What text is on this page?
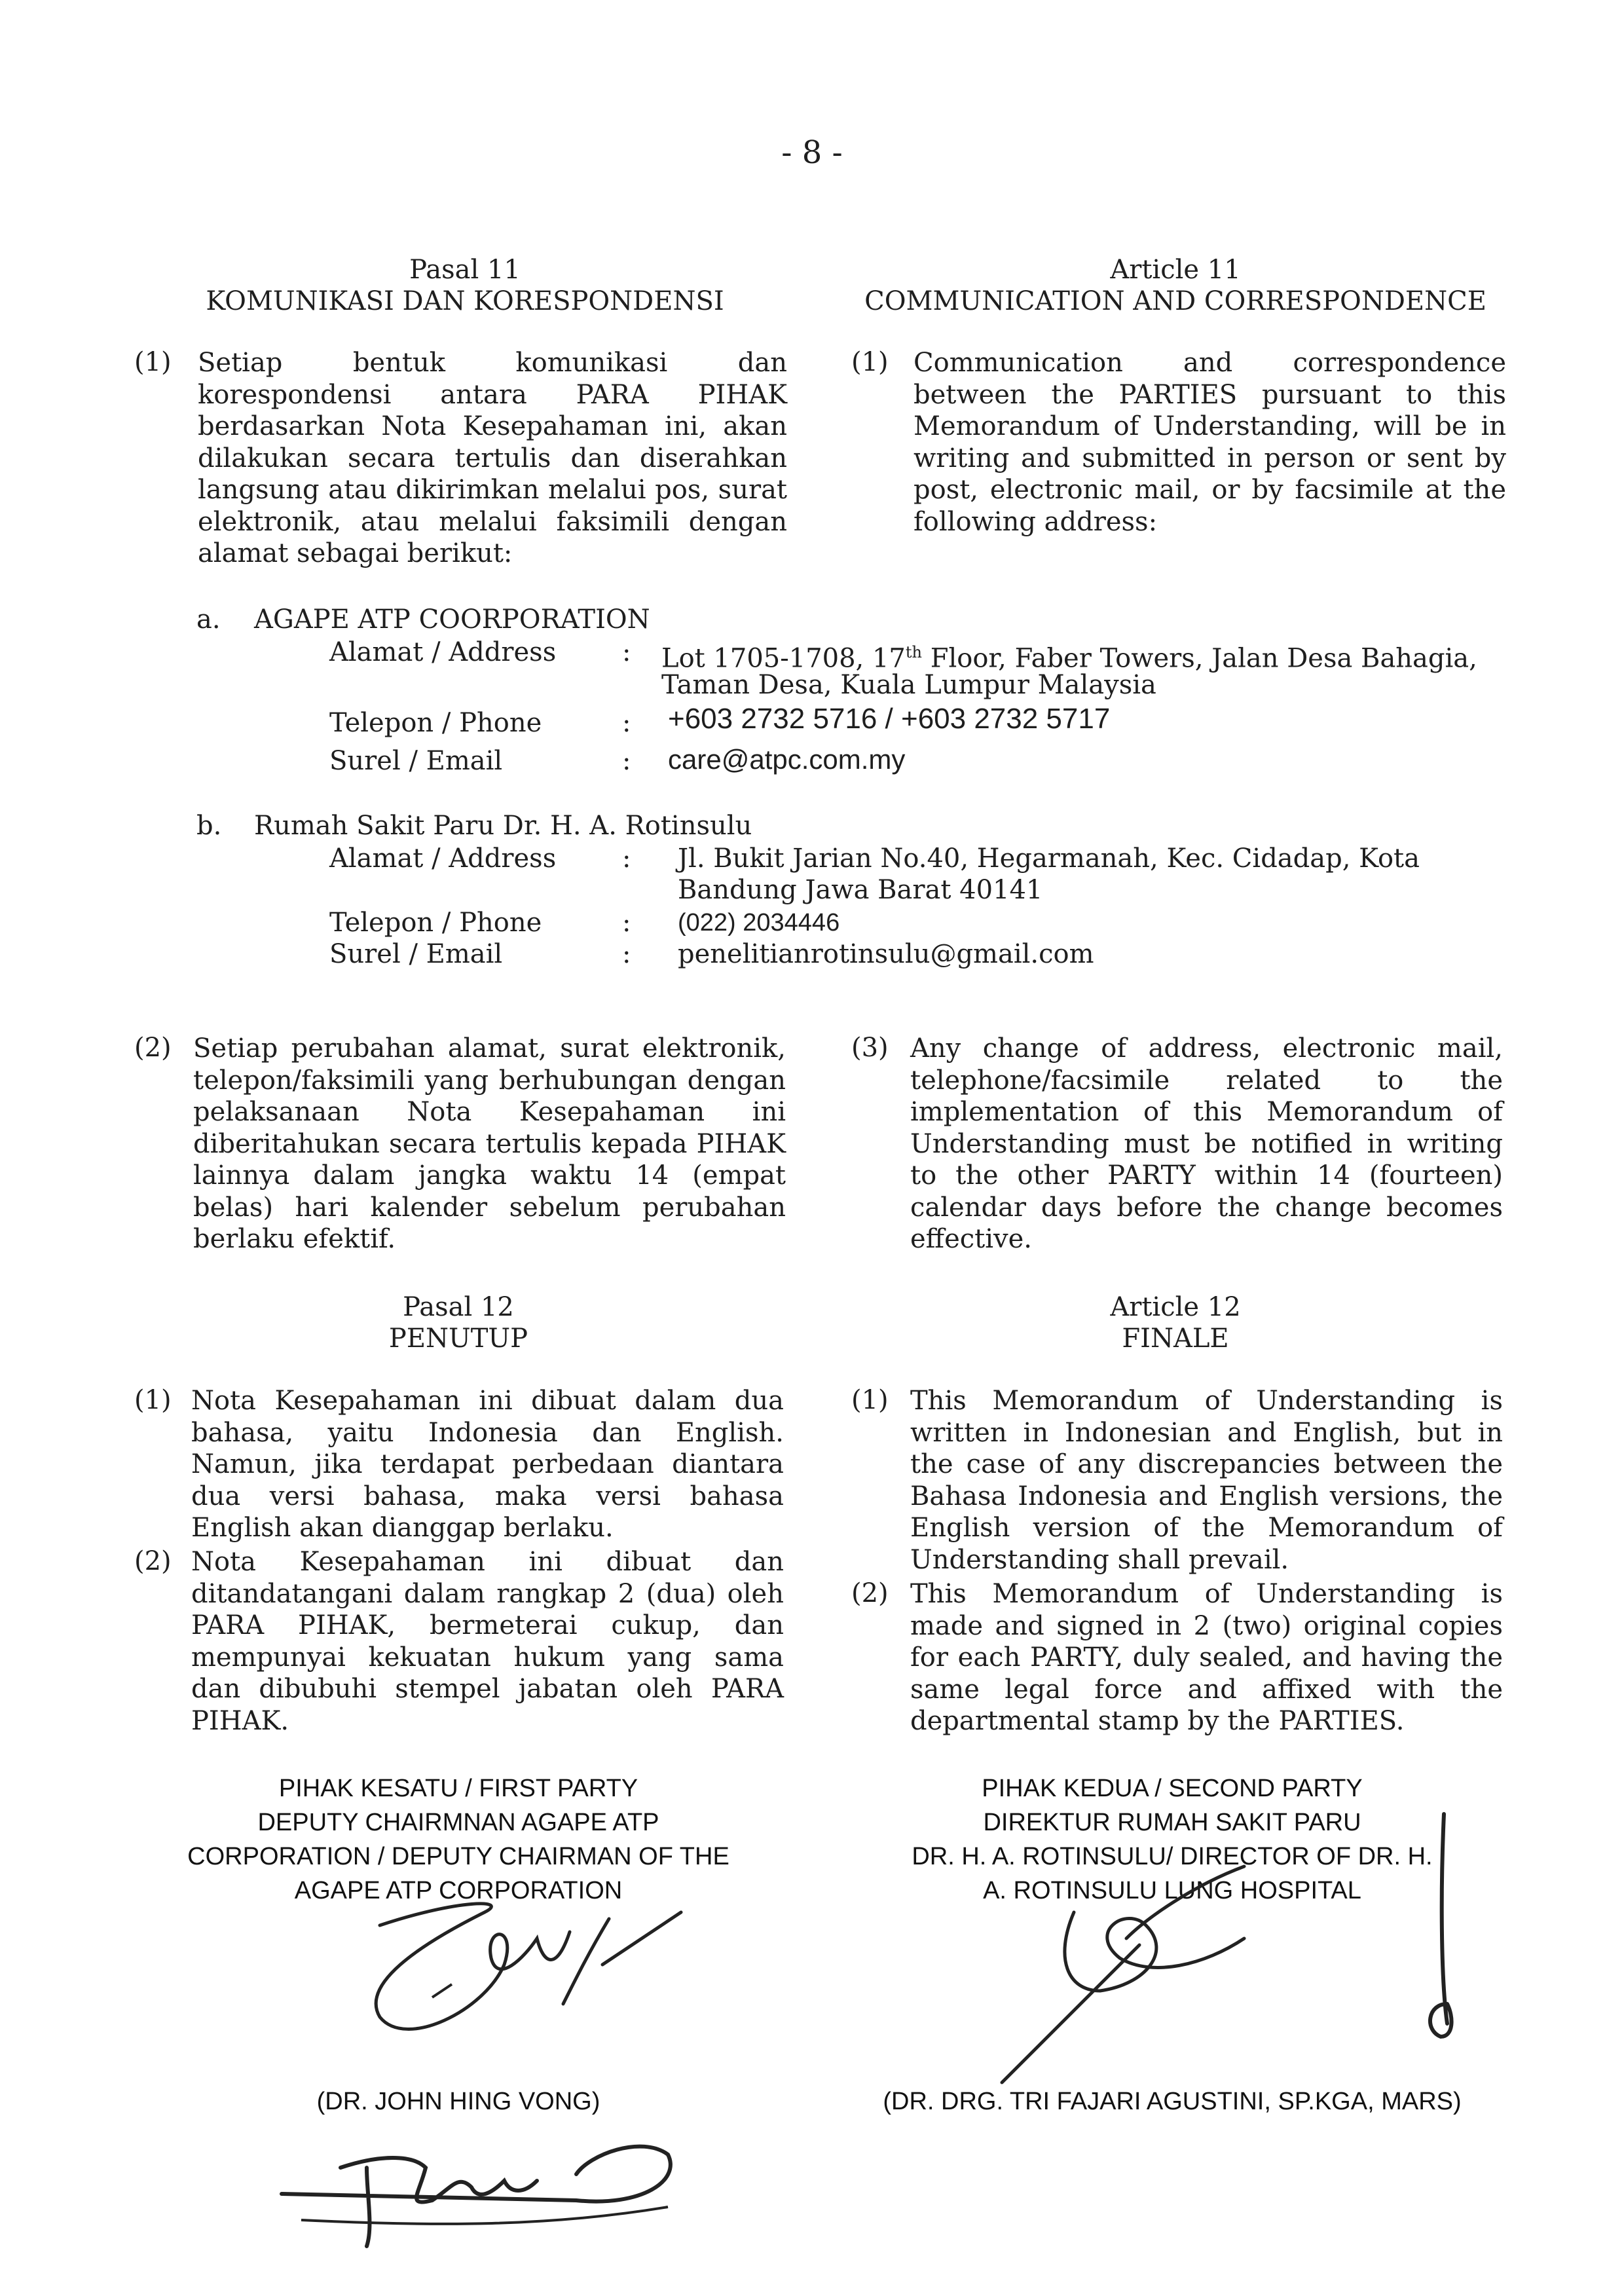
- 8 -
Pasal 11
KOMUNIKASI DAN KORESPONDENSI
Article 11
COMMUNICATION AND CORRESPONDENCE
(1) Setiap bentuk komunikasi dan korespondensi antara PARA PIHAK berdasarkan Nota Kesepahaman ini, akan dilakukan secara tertulis dan diserahkan langsung atau dikirimkan melalui pos, surat elektronik, atau melalui faksimili dengan alamat sebagai berikut:
(1) Communication and correspondence between the PARTIES pursuant to this Memorandum of Understanding, will be in writing and submitted in person or sent by post, electronic mail, or by facsimile at the following address:
a. AGAPE ATP COORPORATION
Alamat / Address	: Lot 1705-1708, 17th Floor, Faber Towers, Jalan Desa Bahagia,
Taman Desa, Kuala Lumpur Malaysia
Telepon / Phone	: +603 2732 5716 / +603 2732 5717
Surel / Email	: care@atpc.com.my
b. Rumah Sakit Paru Dr. H. A. Rotinsulu
Alamat / Address	: Jl. Bukit Jarian No.40, Hegarmanah, Kec. Cidadap, Kota
Bandung Jawa Barat 40141
Telepon / Phone	: (022) 2034446
Surel / Email	: penelitianrotinsulu@gmail.com
(2) Setiap perubahan alamat, surat elektronik, telepon/faksimili yang berhubungan dengan pelaksanaan Nota Kesepahaman ini diberitahukan secara tertulis kepada PIHAK lainnya dalam jangka waktu 14 (empat belas) hari kalender sebelum perubahan berlaku efektif.
(3) Any change of address, electronic mail, telephone/facsimile related to the implementation of this Memorandum of Understanding must be notified in writing to the other PARTY within 14 (fourteen) calendar days before the change becomes effective.
Pasal 12
PENUTUP
Article 12
FINALE
(1) Nota Kesepahaman ini dibuat dalam dua bahasa, yaitu Indonesia dan English. Namun, jika terdapat perbedaan diantara dua versi bahasa, maka versi bahasa English akan dianggap berlaku.
(2) Nota Kesepahaman ini dibuat dan ditandatangani dalam rangkap 2 (dua) oleh PARA PIHAK, bermeterai cukup, dan mempunyai kekuatan hukum yang sama dan dibubuhi stempel jabatan oleh PARA PIHAK.
(1) This Memorandum of Understanding is written in Indonesian and English, but in the case of any discrepancies between the Bahasa Indonesia and English versions, the English version of the Memorandum of Understanding shall prevail.
(2) This Memorandum of Understanding is made and signed in 2 (two) original copies for each PARTY, duly sealed, and having the same legal force and affixed with the departmental stamp by the PARTIES.
PIHAK KESATU / FIRST PARTY
DEPUTY CHAIRMNAN AGAPE ATP
CORPORATION / DEPUTY CHAIRMAN OF THE
AGAPE ATP CORPORATION
PIHAK KEDUA / SECOND PARTY
DIREKTUR RUMAH SAKIT PARU
DR. H. A. ROTINSULU/ DIRECTOR OF DR. H.
A. ROTINSULU LUNG HOSPITAL
(DR. JOHN HING VONG)	(DR. DRG. TRI FAJARI AGUSTINI, SP.KGA, MARS)
